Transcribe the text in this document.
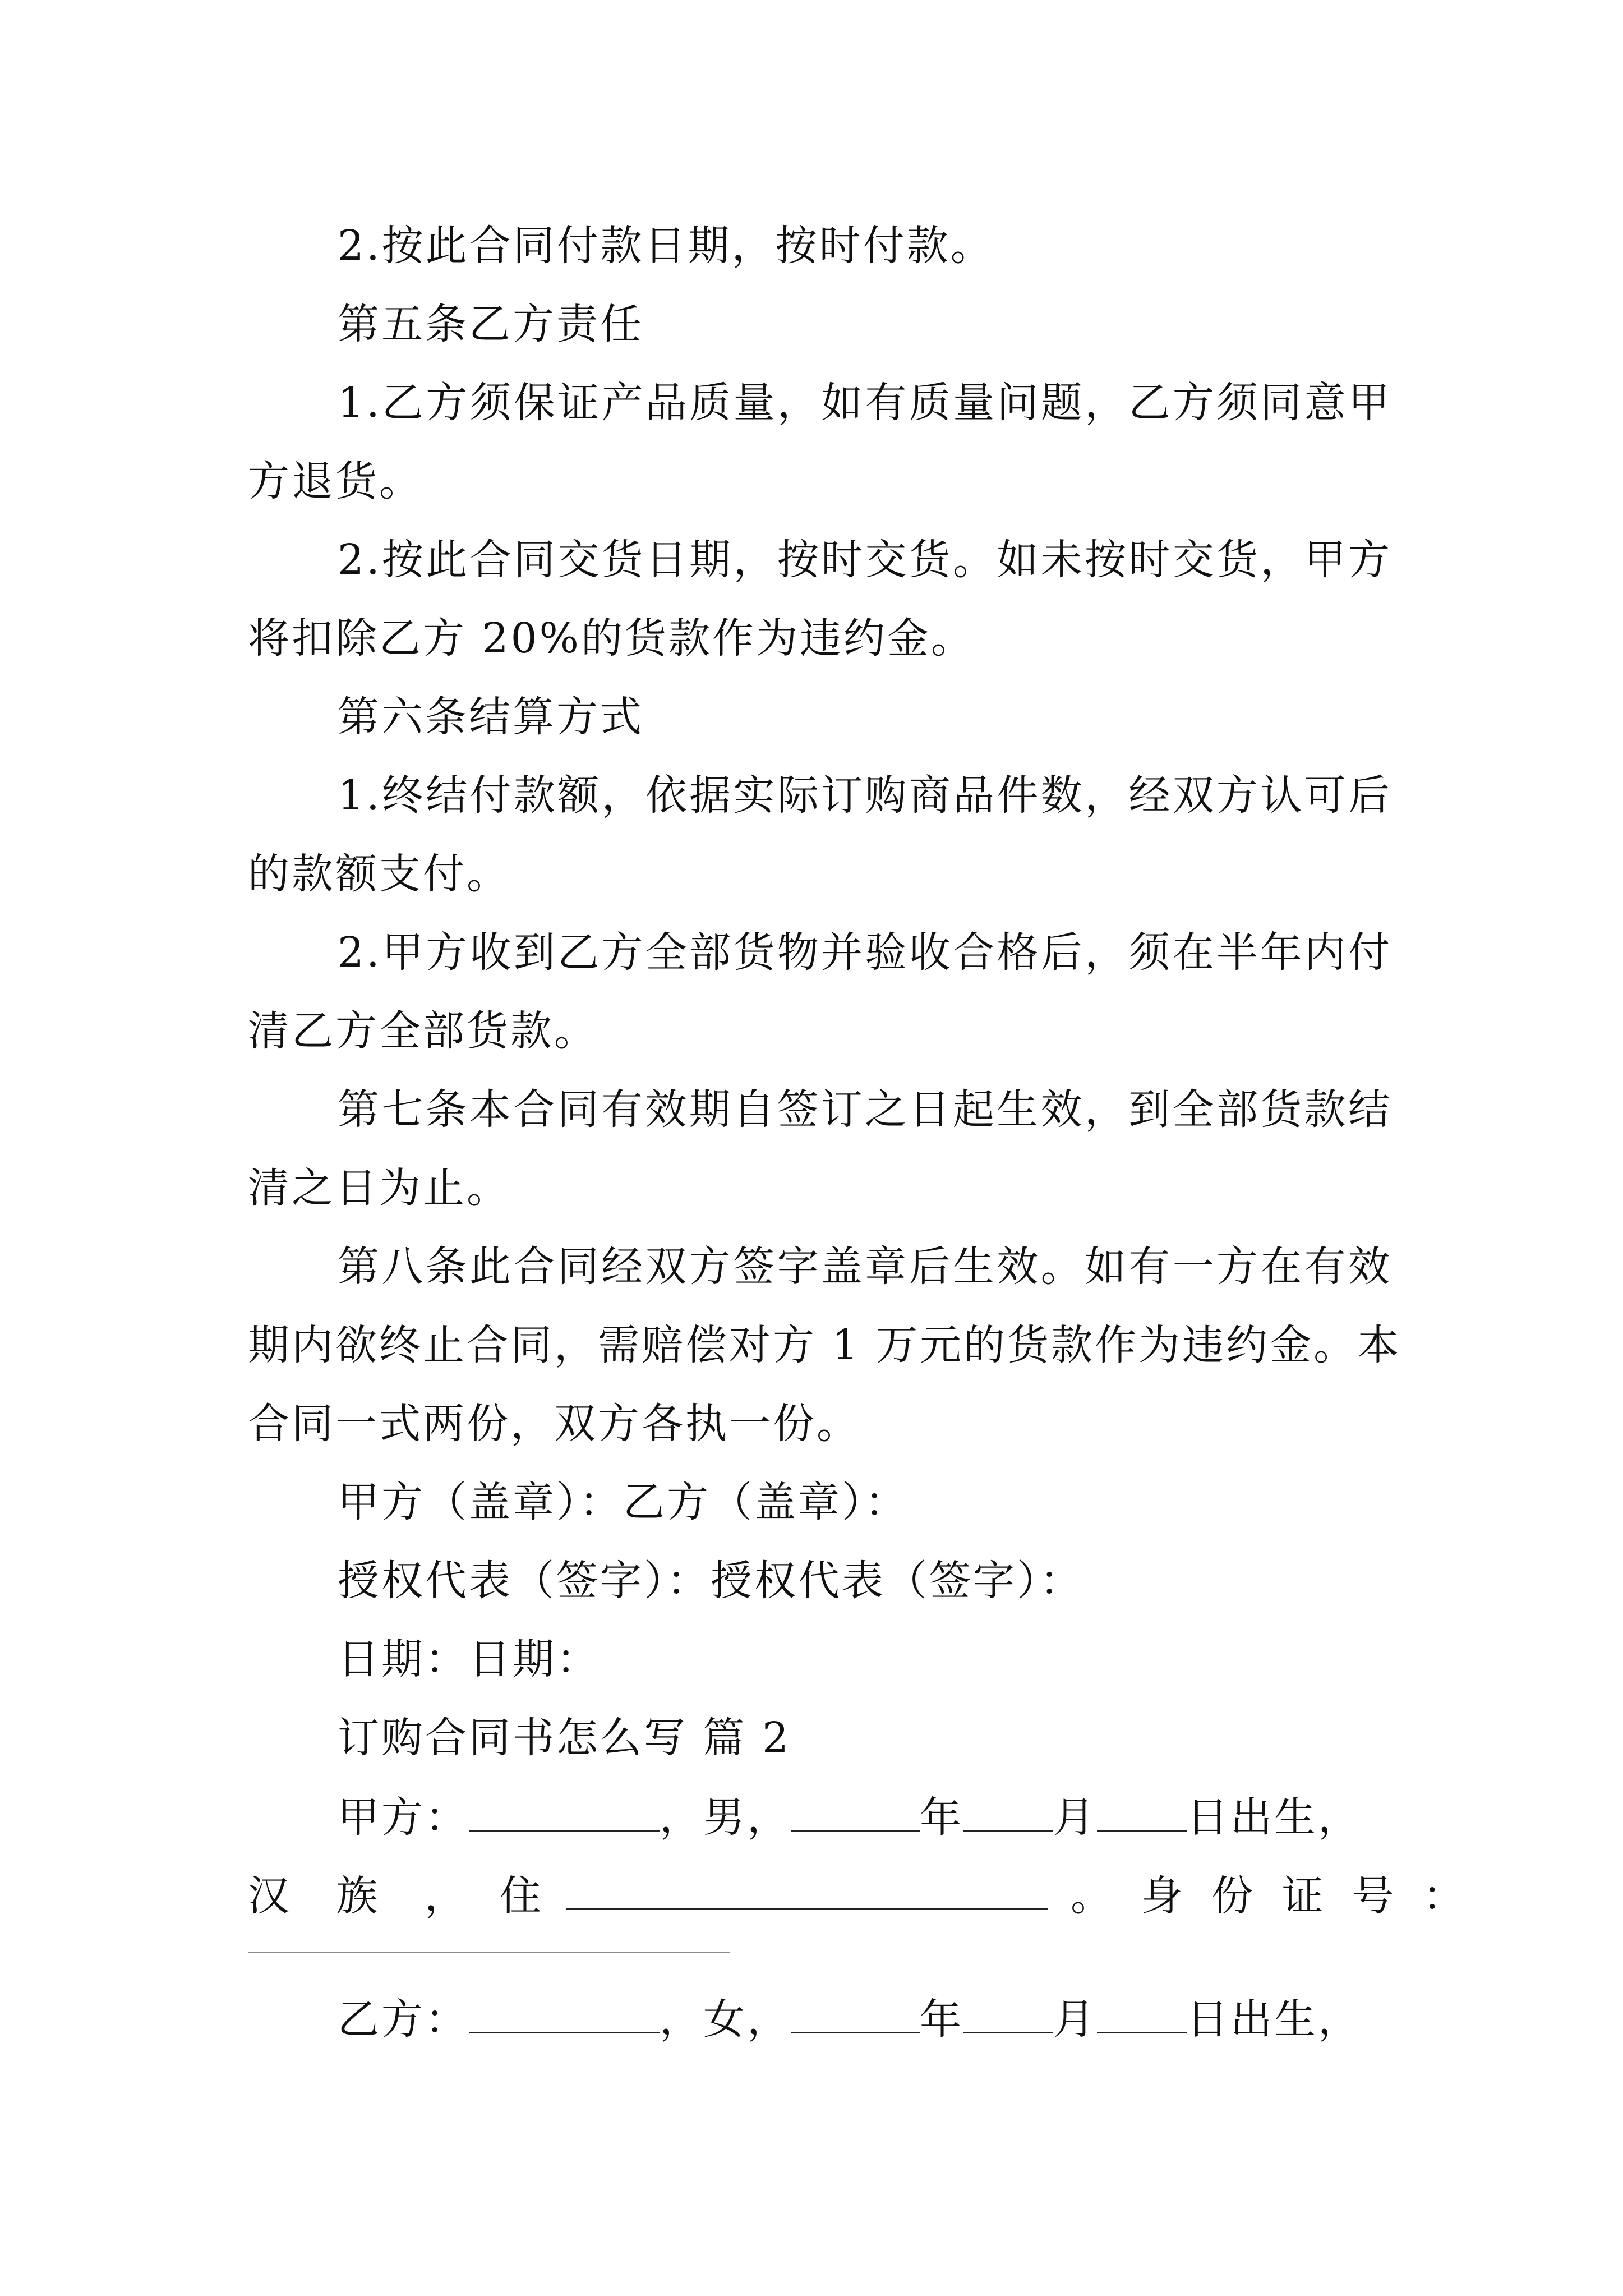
2.按此合同付款日期，按时付款。
第五条乙方责任
1.乙方须保证产品质量，如有质量问题，乙方须同意甲
方退货。
2.按此合同交货日期，按时交货。如未按时交货，甲方
将扣除乙方 20%的货款作为违约金。
第六条结算方式
1.终结付款额，依据实际订购商品件数，经双方认可后
的款额支付。
2.甲方收到乙方全部货物并验收合格后，须在半年内付
清乙方全部货款。
第七条本合同有效期自签订之日起生效，到全部货款结
清之日为止。
第八条此合同经双方签字盖章后生效。如有一方在有效
期内欲终止合同，需赔偿对方 1 万元的货款作为违约金。本
合同一式两份，双方各执一份。
甲方（盖章）：乙方（盖章）：
授权代表（签字）：授权代表（签字）：
日期：日期：
订购合同书怎么写 篇 2
甲方：	，男，	年 月 日出生，
汉 族 ， 住	。 身 份 证 号 ：
乙方：	，女，	年 月 日出生，
